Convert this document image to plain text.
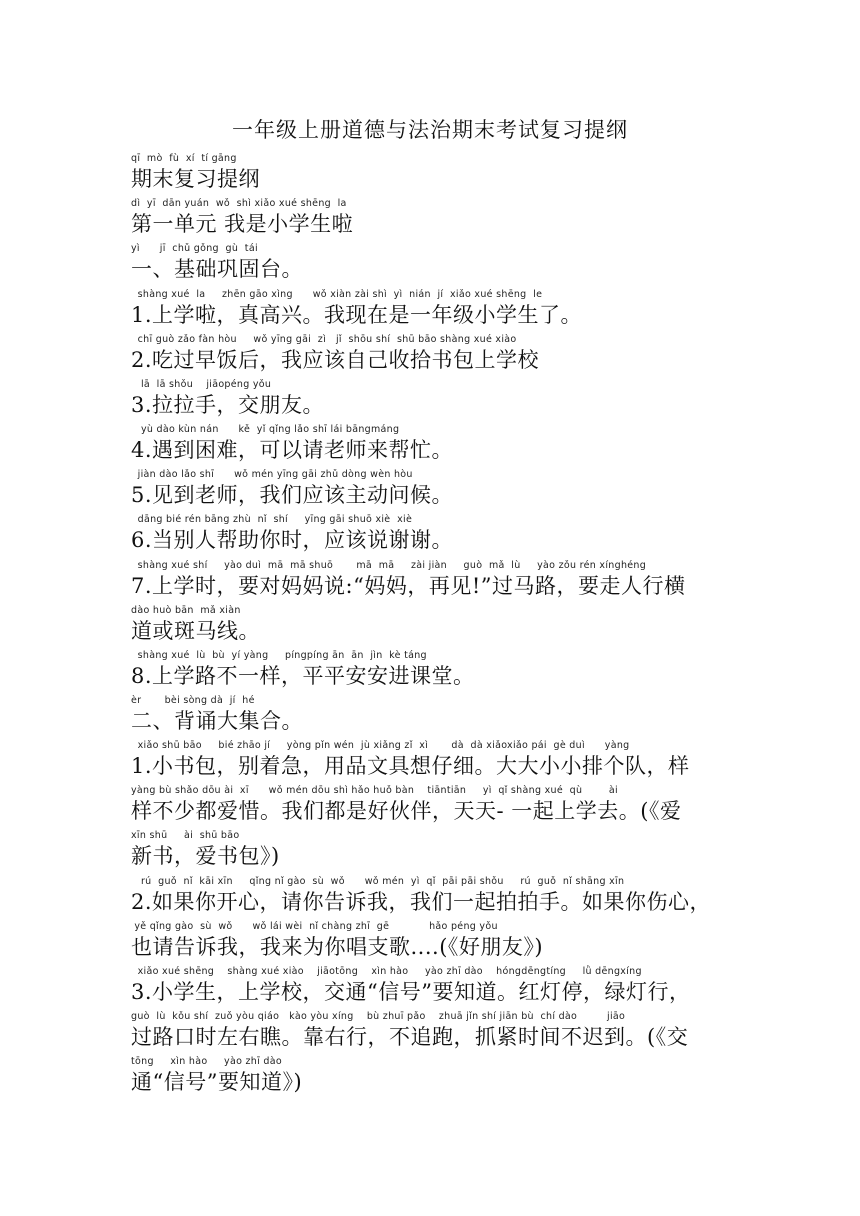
一年级上册道德与法治期末考试复习提纲
qī  mò  fù  xí  tí gāng
期末复习提纲
dì  yī  dān yuán  wǒ  shì xiǎo xué shēng  la
第一单元 我是小学生啦
yì      jī  chǔ gǒng  gù  tái
一、基础巩固台。
shàng xué  la     zhēn gāo xìng      wǒ xiàn zài shì  yì  nián  jí  xiǎo xué shēng  le
1.上学啦，真高兴。我现在是一年级小学生了。
chī guò zǎo fàn hòu     wǒ yīng gāi  zì   jǐ  shōu shí  shū bāo shàng xué xiào
2.吃过早饭后，我应该自己收拾书包上学校
lā  lā shǒu    jiāopéng yǒu
3.拉拉手，交朋友。
yù dào kùn nán      kě  yǐ qǐng lǎo shī lái bāngmáng
4.遇到困难，可以请老师来帮忙。
jiàn dào lǎo shī      wǒ mén yīng gāi zhǔ dòng wèn hòu
5.见到老师，我们应该主动问候。
dāng bié rén bāng zhù  nǐ  shí     yīng gāi shuō xiè  xiè
6.当别人帮助你时，应该说谢谢。
shàng xué shí     yào duì  mā  mā shuō       mā  mā     zài jiàn     guò  mǎ  lù     yào zǒu rén xínghéng
7.上学时，要对妈妈说:“妈妈，再见!”过马路，要走人行横
dào huò bān  mǎ xiàn
道或斑马线。
shàng xué  lù  bù  yí yàng     píngpíng ān  ān  jìn  kè táng
8.上学路不一样，平平安安进课堂。
èr       bèi sòng dà  jí  hé
二、背诵大集合。
xiǎo shū bāo     bié zhāo jí     yòng pǐn wén  jù xiǎng zǐ  xì       dà  dà xiǎoxiǎo pái  gè duì      yàng
1.小书包，别着急，用品文具想仔细。大大小小排个队，样
yàng bù shǎo dōu ài  xī      wǒ mén dōu shì hǎo huǒ bàn    tiāntiān     yì  qǐ shàng xué  qù        ài
样不少都爱惜。我们都是好伙伴，天天- 一起上学去。(《爱
xīn shū     ài  shū bāo
新书，爱书包》)
rú  guǒ  nǐ  kāi xīn     qǐng nǐ gào  sù  wǒ      wǒ mén  yì  qǐ  pāi pāi shǒu     rú  guǒ  nǐ shāng xīn
2.如果你开心，请你告诉我，我们一起拍拍手。如果你伤心，
yě qǐng gào  sù  wǒ      wǒ lái wèi  nǐ chàng zhī  gē            hǎo péng yǒu
也请告诉我，我来为你唱支歌....(《好朋友》)
xiǎo xué shēng    shàng xué xiào    jiāotōng    xìn hào     yào zhī dào    hóngdēngtíng     lǜ dēngxíng
3.小学生，上学校，交通“信号”要知道。红灯停，绿灯行，
guò  lù  kǒu shí  zuǒ yòu qiáo   kào yòu xíng    bù zhuī pǎo    zhuā jǐn shí jiān bù  chí dào         jiāo
过路口时左右瞧。靠右行，不追跑，抓紧时间不迟到。(《交
tōng     xìn hào     yào zhī dào
通“信号”要知道》)
